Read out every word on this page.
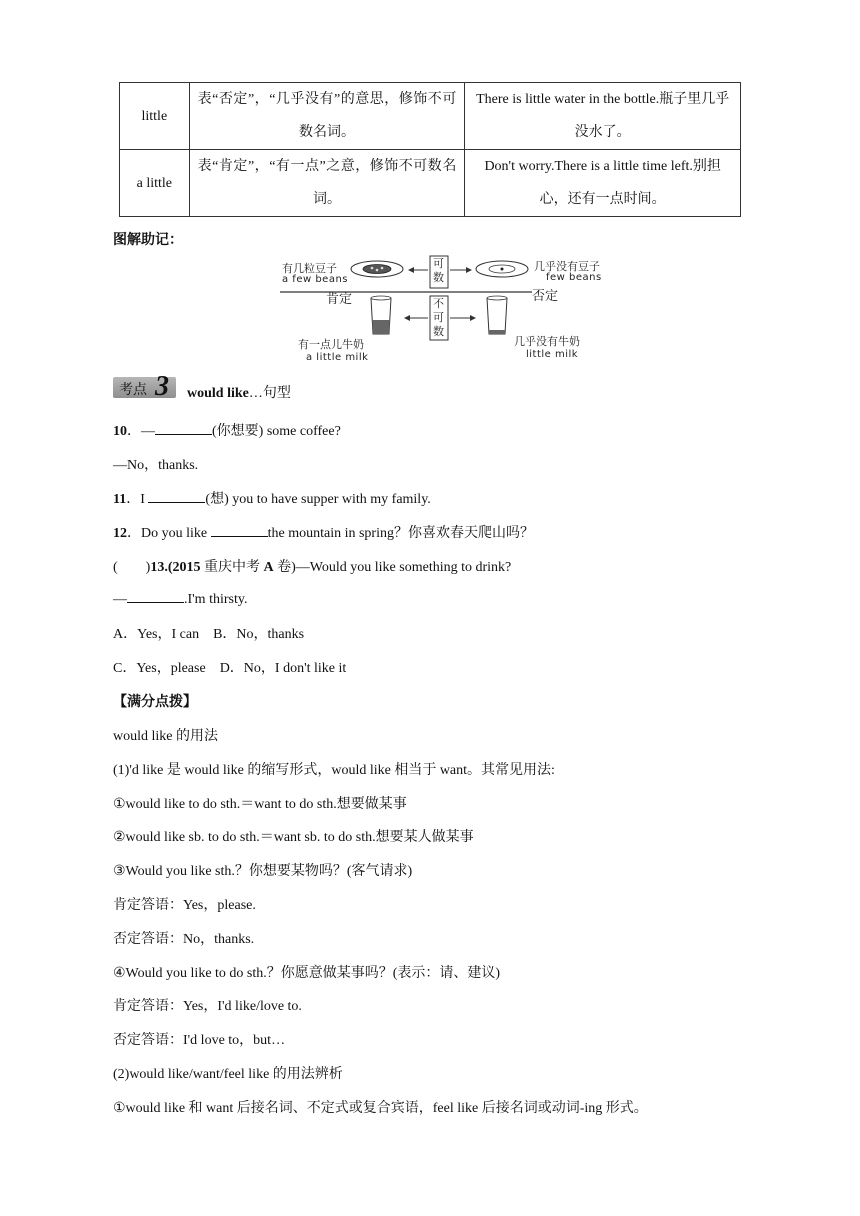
little	表“否定”，“几乎没有”的意思，修饰不可数名词。	There is little water in the bottle.瓶子里几乎没水了。
a little	表“肯定”，“有一点”之意，修饰不可数名词。	Don't worry.There is a little time left.别担心，还有一点时间。
图解助记：
有几粒豆子
a few beans
几乎没有豆子
few beans
肯定	否定
可数
不可数
有一点儿牛奶
a little milk
几乎没有牛奶
little milk
考点 3 would like…句型
10．—	(你想要) some coffee?
—No，thanks.
11．I	(想) you to have supper with my family.
12．Do you like	the mountain in spring？你喜欢春天爬山吗？
(　　)13.(2015 重庆中考 A 卷)—Would you like something to drink?
—	.I'm thirsty.
A．Yes，I can　B．No，thanks
C．Yes，please　D．No，I don't like it
【满分点拨】
would like 的用法
(1)'d like 是 would like 的缩写形式，would like 相当于 want。其常见用法:
①would like to do sth.＝want to do sth.想要做某事
②would like sb. to do sth.＝want sb. to do sth.想要某人做某事
③Would you like sth.？你想要某物吗？(客气请求)
肯定答语：Yes，please.
否定答语：No，thanks.
④Would you like to do sth.？你愿意做某事吗？(表示：请、建议)
肯定答语：Yes，I'd like/love to.
否定答语：I'd love to，but…
(2)would like/want/feel like 的用法辨析
①would like 和 want 后接名词、不定式或复合宾语，feel like 后接名词或动词-ing 形式。
